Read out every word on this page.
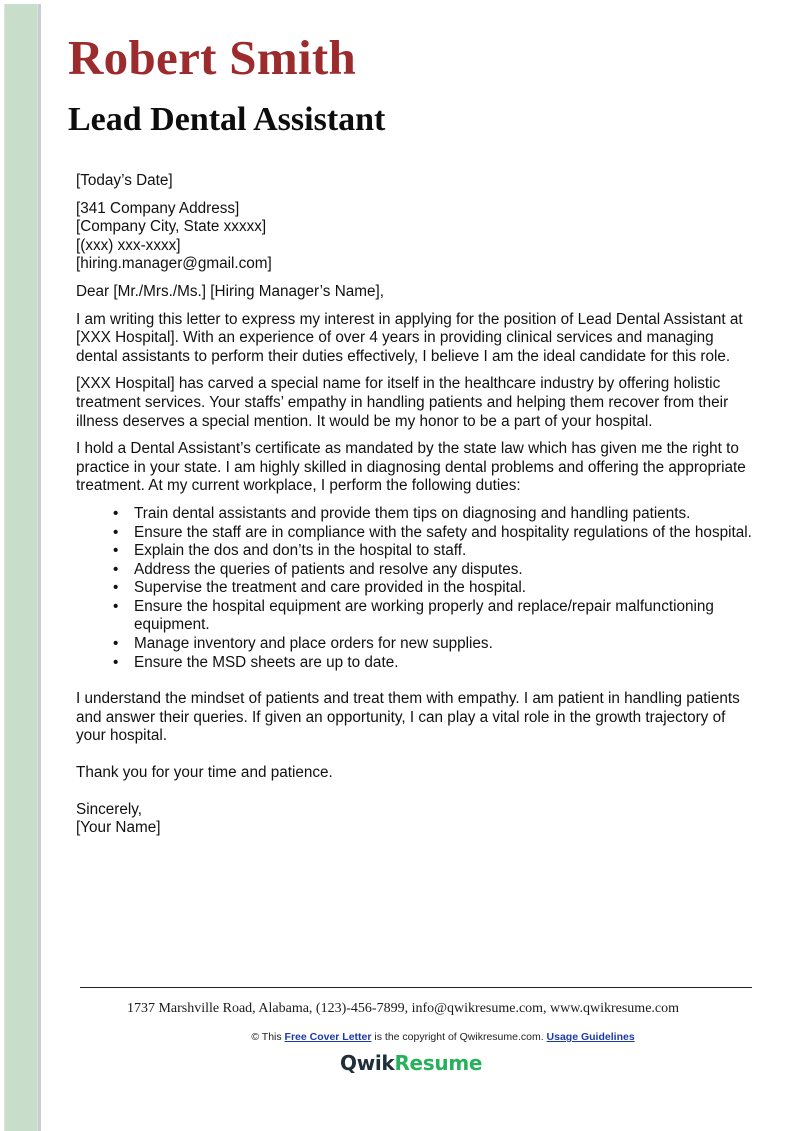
Robert Smith
Lead Dental Assistant
[Today’s Date]
[341 Company Address]
[Company City, State xxxxx]
[(xxx) xxx-xxxx]
[hiring.manager@gmail.com]

Dear [Mr./Mrs./Ms.] [Hiring Manager’s Name],

I am writing this letter to express my interest in applying for the position of Lead Dental Assistant at [XXX Hospital]. With an experience of over 4 years in providing clinical services and managing dental assistants to perform their duties effectively, I believe I am the ideal candidate for this role.

[XXX Hospital] has carved a special name for itself in the healthcare industry by offering holistic treatment services. Your staffs’ empathy in handling patients and helping them recover from their illness deserves a special mention. It would be my honor to be a part of your hospital.

I hold a Dental Assistant’s certificate as mandated by the state law which has given me the right to practice in your state. I am highly skilled in diagnosing dental problems and offering the appropriate treatment. At my current workplace, I perform the following duties:

• Train dental assistants and provide them tips on diagnosing and handling patients.
• Ensure the staff are in compliance with the safety and hospitality regulations of the hospital.
• Explain the dos and don’ts in the hospital to staff.
• Address the queries of patients and resolve any disputes.
• Supervise the treatment and care provided in the hospital.
• Ensure the hospital equipment are working properly and replace/repair malfunctioning equipment.
• Manage inventory and place orders for new supplies.
• Ensure the MSD sheets are up to date.

I understand the mindset of patients and treat them with empathy. I am patient in handling patients and answer their queries. If given an opportunity, I can play a vital role in the growth trajectory of your hospital.

Thank you for your time and patience.

Sincerely,
[Your Name]
1737 Marshville Road, Alabama, (123)-456-7899, info@qwikresume.com, www.qwikresume.com
© This Free Cover Letter is the copyright of Qwikresume.com. Usage Guidelines
QwikResume
